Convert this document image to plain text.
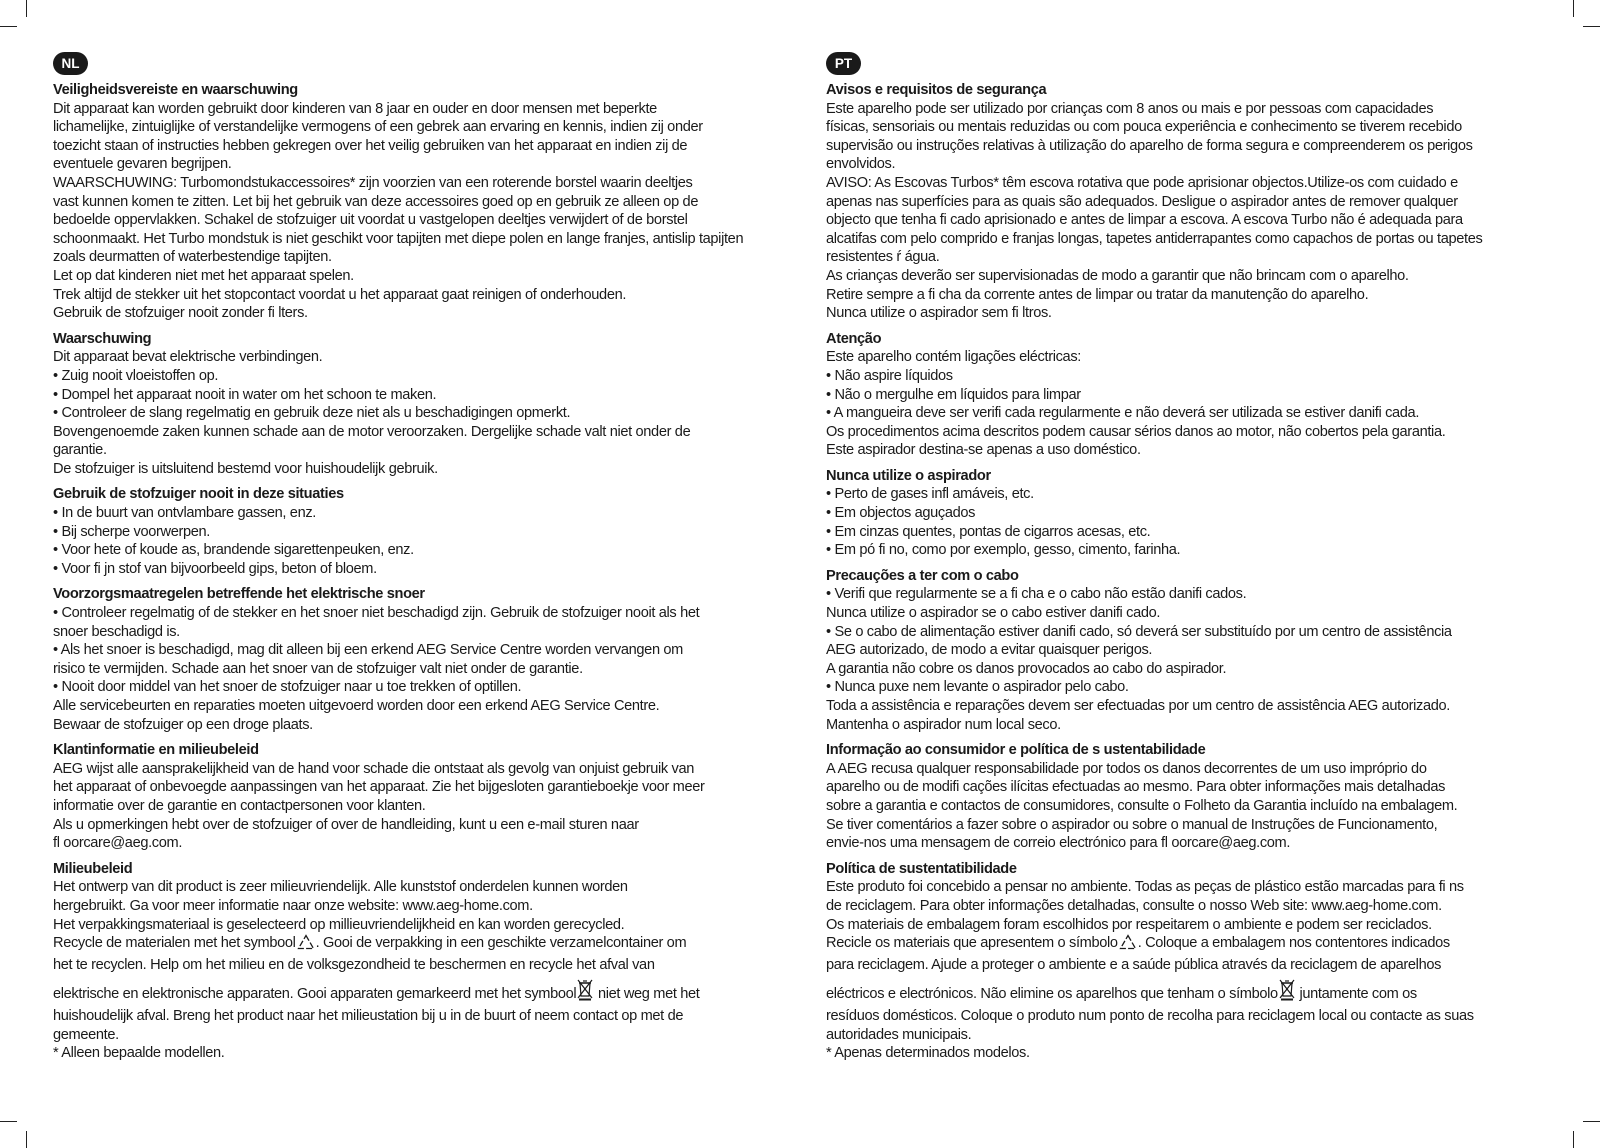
NL
Veiligheidsvereiste en waarschuwing

Dit apparaat kan worden gebruikt door kinderen van 8 jaar en ouder en door mensen met beperkte

lichamelijke, zintuiglijke of verstandelijke vermogens of een gebrek aan ervaring en kennis, indien zij onder

toezicht staan of instructies hebben gekregen over het veilig gebruiken van het apparaat en indien zij de

eventuele gevaren begrijpen.

WAARSCHUWING: Turbomondstukaccessoires* zijn voorzien van een roterende borstel waarin deeltjes

vast kunnen komen te zitten. Let bij het gebruik van deze accessoires goed op en gebruik ze alleen op de

bedoelde oppervlakken. Schakel de stofzuiger uit voordat u vastgelopen deeltjes verwijdert of de borstel

schoonmaakt. Het Turbo mondstuk is niet geschikt voor tapijten met diepe polen en lange franjes, antislip tapijten

zoals deurmatten of waterbestendige tapijten.

Let op dat kinderen niet met het apparaat spelen.

Trek altijd de stekker uit het stopcontact voordat u het apparaat gaat reinigen of onderhouden.

Gebruik de stofzuiger nooit zonder fi lters.

Waarschuwing

Dit apparaat bevat elektrische verbindingen.

• Zuig nooit vloeistoffen op.

• Dompel het apparaat nooit in water om het schoon te maken.

• Controleer de slang regelmatig en gebruik deze niet als u beschadigingen opmerkt.

Bovengenoemde zaken kunnen schade aan de motor veroorzaken. Dergelijke schade valt niet onder de

garantie.

De stofzuiger is uitsluitend bestemd voor huishoudelijk gebruik.

Gebruik de stofzuiger nooit in deze situaties

• In de buurt van ontvlambare gassen, enz.

• Bij scherpe voorwerpen.

• Voor hete of koude as, brandende sigarettenpeuken, enz.

• Voor fi jn stof van bijvoorbeeld gips, beton of bloem.

Voorzorgsmaatregelen betreffende het elektrische snoer

• Controleer regelmatig of de stekker en het snoer niet beschadigd zijn. Gebruik de stofzuiger nooit als het

snoer beschadigd is.

• Als het snoer is beschadigd, mag dit alleen bij een erkend AEG Service Centre worden vervangen om

risico te vermijden. Schade aan het snoer van de stofzuiger valt niet onder de garantie.

• Nooit door middel van het snoer de stofzuiger naar u toe trekken of optillen.

Alle servicebeurten en reparaties moeten uitgevoerd worden door een erkend AEG Service Centre.

Bewaar de stofzuiger op een droge plaats.

Klantinformatie en milieubeleid

AEG wijst alle aansprakelijkheid van de hand voor schade die ontstaat als gevolg van onjuist gebruik van

het apparaat of onbevoegde aanpassingen van het apparaat. Zie het bijgesloten garantieboekje voor meer

informatie over de garantie en contactpersonen voor klanten.

Als u opmerkingen hebt over de stofzuiger of over de handleiding, kunt u een e-mail sturen naar

fl oorcare@aeg.com.

Milieubeleid

Het ontwerp van dit product is zeer milieuvriendelijk. Alle kunststof onderdelen kunnen worden

hergebruikt. Ga voor meer informatie naar onze website: www.aeg-home.com.

Het verpakkingsmateriaal is geselecteerd op millieuvriendelijkheid en kan worden gerecycled.

Recycle de materialen met het symbool . Gooi de verpakking in een geschikte verzamelcontainer om

het te recyclen. Help om het milieu en de volksgezondheid te beschermen en recycle het afval van

elektrische en elektronische apparaten. Gooi apparaten gemarkeerd met het symbool niet weg met het

huishoudelijk afval. Breng het product naar het milieustation bij u in de buurt of neem contact op met de

gemeente.

* Alleen bepaalde modellen.

PT
Avisos e requisitos de segurança

Este aparelho pode ser utilizado por crianças com 8 anos ou mais e por pessoas com capacidades

físicas, sensoriais ou mentais reduzidas ou com pouca experiência e conhecimento se tiverem recebido

supervisão ou instruções relativas à utilização do aparelho de forma segura e compreenderem os perigos

envolvidos.

AVISO: As Escovas Turbos* têm escova rotativa que pode aprisionar objectos.Utilize-os com cuidado e

apenas nas superfícies para as quais são adequados. Desligue o aspirador antes de remover qualquer

objecto que tenha fi cado aprisionado e antes de limpar a escova. A escova Turbo não é adequada para

alcatifas com pelo comprido e franjas longas, tapetes antiderrapantes como capachos de portas ou tapetes

resistentes ŕ água.

As crianças deverão ser supervisionadas de modo a garantir que não brincam com o aparelho.

Retire sempre a fi cha da corrente antes de limpar ou tratar da manutenção do aparelho.

Nunca utilize o aspirador sem fi ltros.

Atenção

Este aparelho contém ligações eléctricas:

• Não aspire líquidos

• Não o mergulhe em líquidos para limpar

• A mangueira deve ser verifi cada regularmente e não deverá ser utilizada se estiver danifi cada.

Os procedimentos acima descritos podem causar sérios danos ao motor, não cobertos pela garantia.

Este aspirador destina-se apenas a uso doméstico.

Nunca utilize o aspirador

• Perto de gases infl amáveis, etc.

• Em objectos aguçados

• Em cinzas quentes, pontas de cigarros acesas, etc.

• Em pó fi no, como por exemplo, gesso, cimento, farinha.

Precauções a ter com o cabo

• Verifi que regularmente se a fi cha e o cabo não estão danifi cados.

Nunca utilize o aspirador se o cabo estiver danifi cado.

• Se o cabo de alimentação estiver danifi cado, só deverá ser substituído por um centro de assistência

AEG autorizado, de modo a evitar quaisquer perigos.

A garantia não cobre os danos provocados ao cabo do aspirador.

• Nunca puxe nem levante o aspirador pelo cabo.

Toda a assistência e reparações devem ser efectuadas por um centro de assistência AEG autorizado.

Mantenha o aspirador num local seco.

Informação ao consumidor e política de s ustentabilidade

A AEG recusa qualquer responsabilidade por todos os danos decorrentes de um uso impróprio do

aparelho ou de modifi cações ilícitas efectuadas ao mesmo. Para obter informações mais detalhadas

sobre a garantia e contactos de consumidores, consulte o Folheto da Garantia incluído na embalagem.

Se tiver comentários a fazer sobre o aspirador ou sobre o manual de Instruções de Funcionamento,

envie-nos uma mensagem de correio electrónico para fl oorcare@aeg.com.

Política de sustentatibilidade

Este produto foi concebido a pensar no ambiente. Todas as peças de plástico estão marcadas para fi ns

de reciclagem. Para obter informações detalhadas, consulte o nosso Web site: www.aeg-home.com.

Os materiais de embalagem foram escolhidos por respeitarem o ambiente e podem ser reciclados.

Recicle os materiais que apresentem o símbolo . Coloque a embalagem nos contentores indicados

para reciclagem. Ajude a proteger o ambiente e a saúde pública através da reciclagem de aparelhos

eléctricos e electrónicos. Não elimine os aparelhos que tenham o símbolo juntamente com os

resíduos domésticos. Coloque o produto num ponto de recolha para reciclagem local ou contacte as suas

autoridades municipais.

* Apenas determinados modelos.
